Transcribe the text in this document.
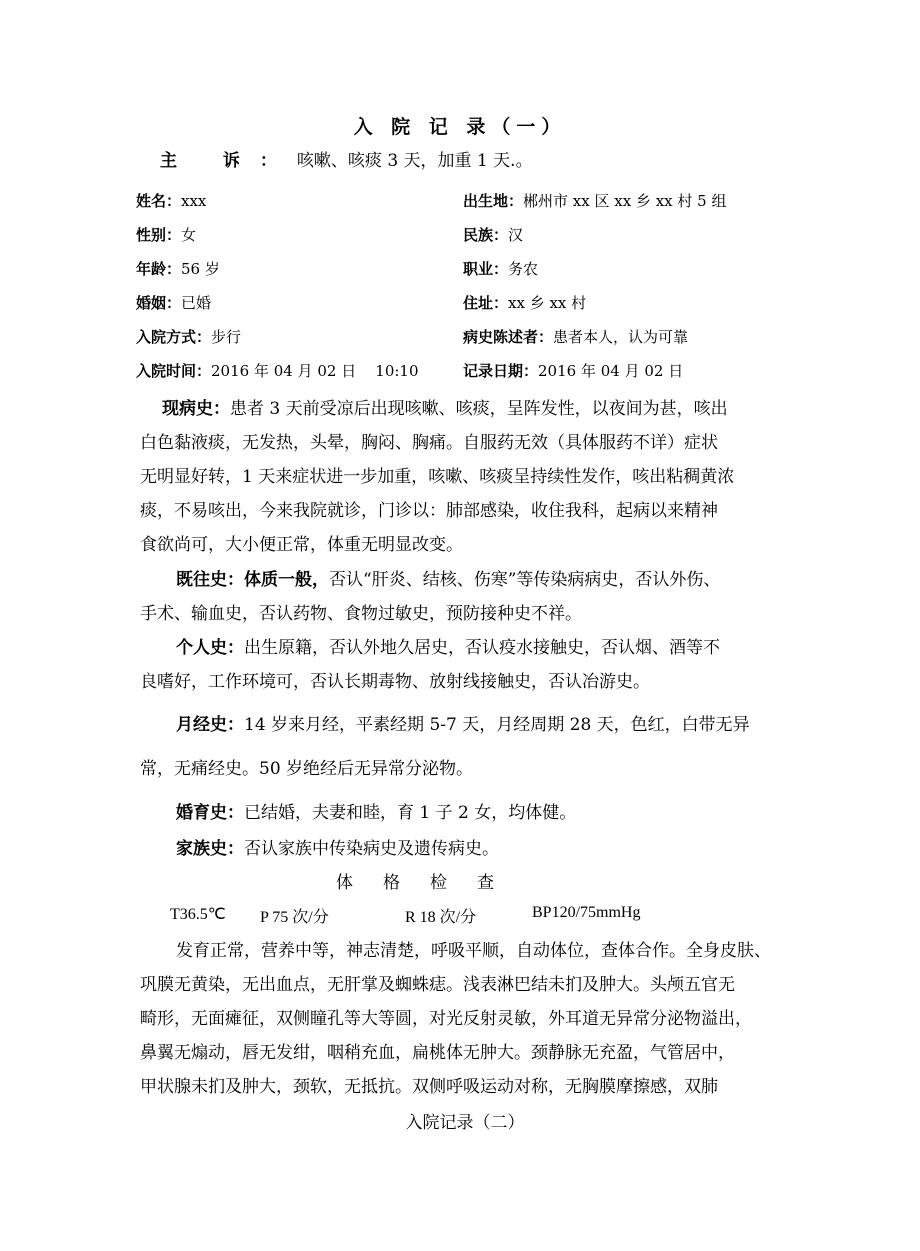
入 院 记 录（一）
主 诉：咳嗽、咳痰 3 天，加重 1 天.。
姓名：xxx	出生地：郴州市 xx 区 xx 乡 xx 村 5 组
性别：女	民族：汉
年龄：56 岁	职业：务农
婚姻：已婚	住址：xx 乡 xx 村
入院方式：步行	病史陈述者：患者本人，认为可靠
入院时间：2016 年 04 月 02 日    10:10	记录日期：2016 年 04 月 02 日
现病史：患者 3 天前受凉后出现咳嗽、咳痰，呈阵发性，以夜间为甚，咳出
白色黏液痰，无发热，头晕，胸闷、胸痛。自服药无效（具体服药不详）症状
无明显好转，1 天来症状进一步加重，咳嗽、咳痰呈持续性发作，咳出粘稠黄浓
痰，不易咳出，今来我院就诊，门诊以：肺部感染，收住我科，起病以来精神
食欲尚可，大小便正常，体重无明显改变。
既往史：体质一般，否认“肝炎、结核、伤寒”等传染病病史，否认外伤、
手术、输血史，否认药物、食物过敏史，预防接种史不祥。
个人史：出生原籍，否认外地久居史，否认疫水接触史，否认烟、酒等不
良嗜好，工作环境可，否认长期毒物、放射线接触史，否认冶游史。
月经史：14 岁来月经，平素经期 5-7 天，月经周期 28 天，色红，白带无异
常，无痛经史。50 岁绝经后无异常分泌物。
婚育史：已结婚，夫妻和睦，育 1 子 2 女，均体健。
家族史：否认家族中传染病史及遗传病史。
体格检查
T36.5℃ P 75 次/分	R 18 次/分	BP120/75mmHg
发育正常，营养中等，神志清楚，呼吸平顺，自动体位，查体合作。全身皮肤、
巩膜无黄染，无出血点，无肝掌及蜘蛛痣。浅表淋巴结未扪及肿大。头颅五官无
畸形，无面瘫征，双侧瞳孔等大等圆，对光反射灵敏，外耳道无异常分泌物溢出，
鼻翼无煽动，唇无发绀，咽稍充血，扁桃体无肿大。颈静脉无充盈，气管居中，
甲状腺未扪及肿大，颈软，无抵抗。双侧呼吸运动对称，无胸膜摩擦感，双肺
入院记录（二）
